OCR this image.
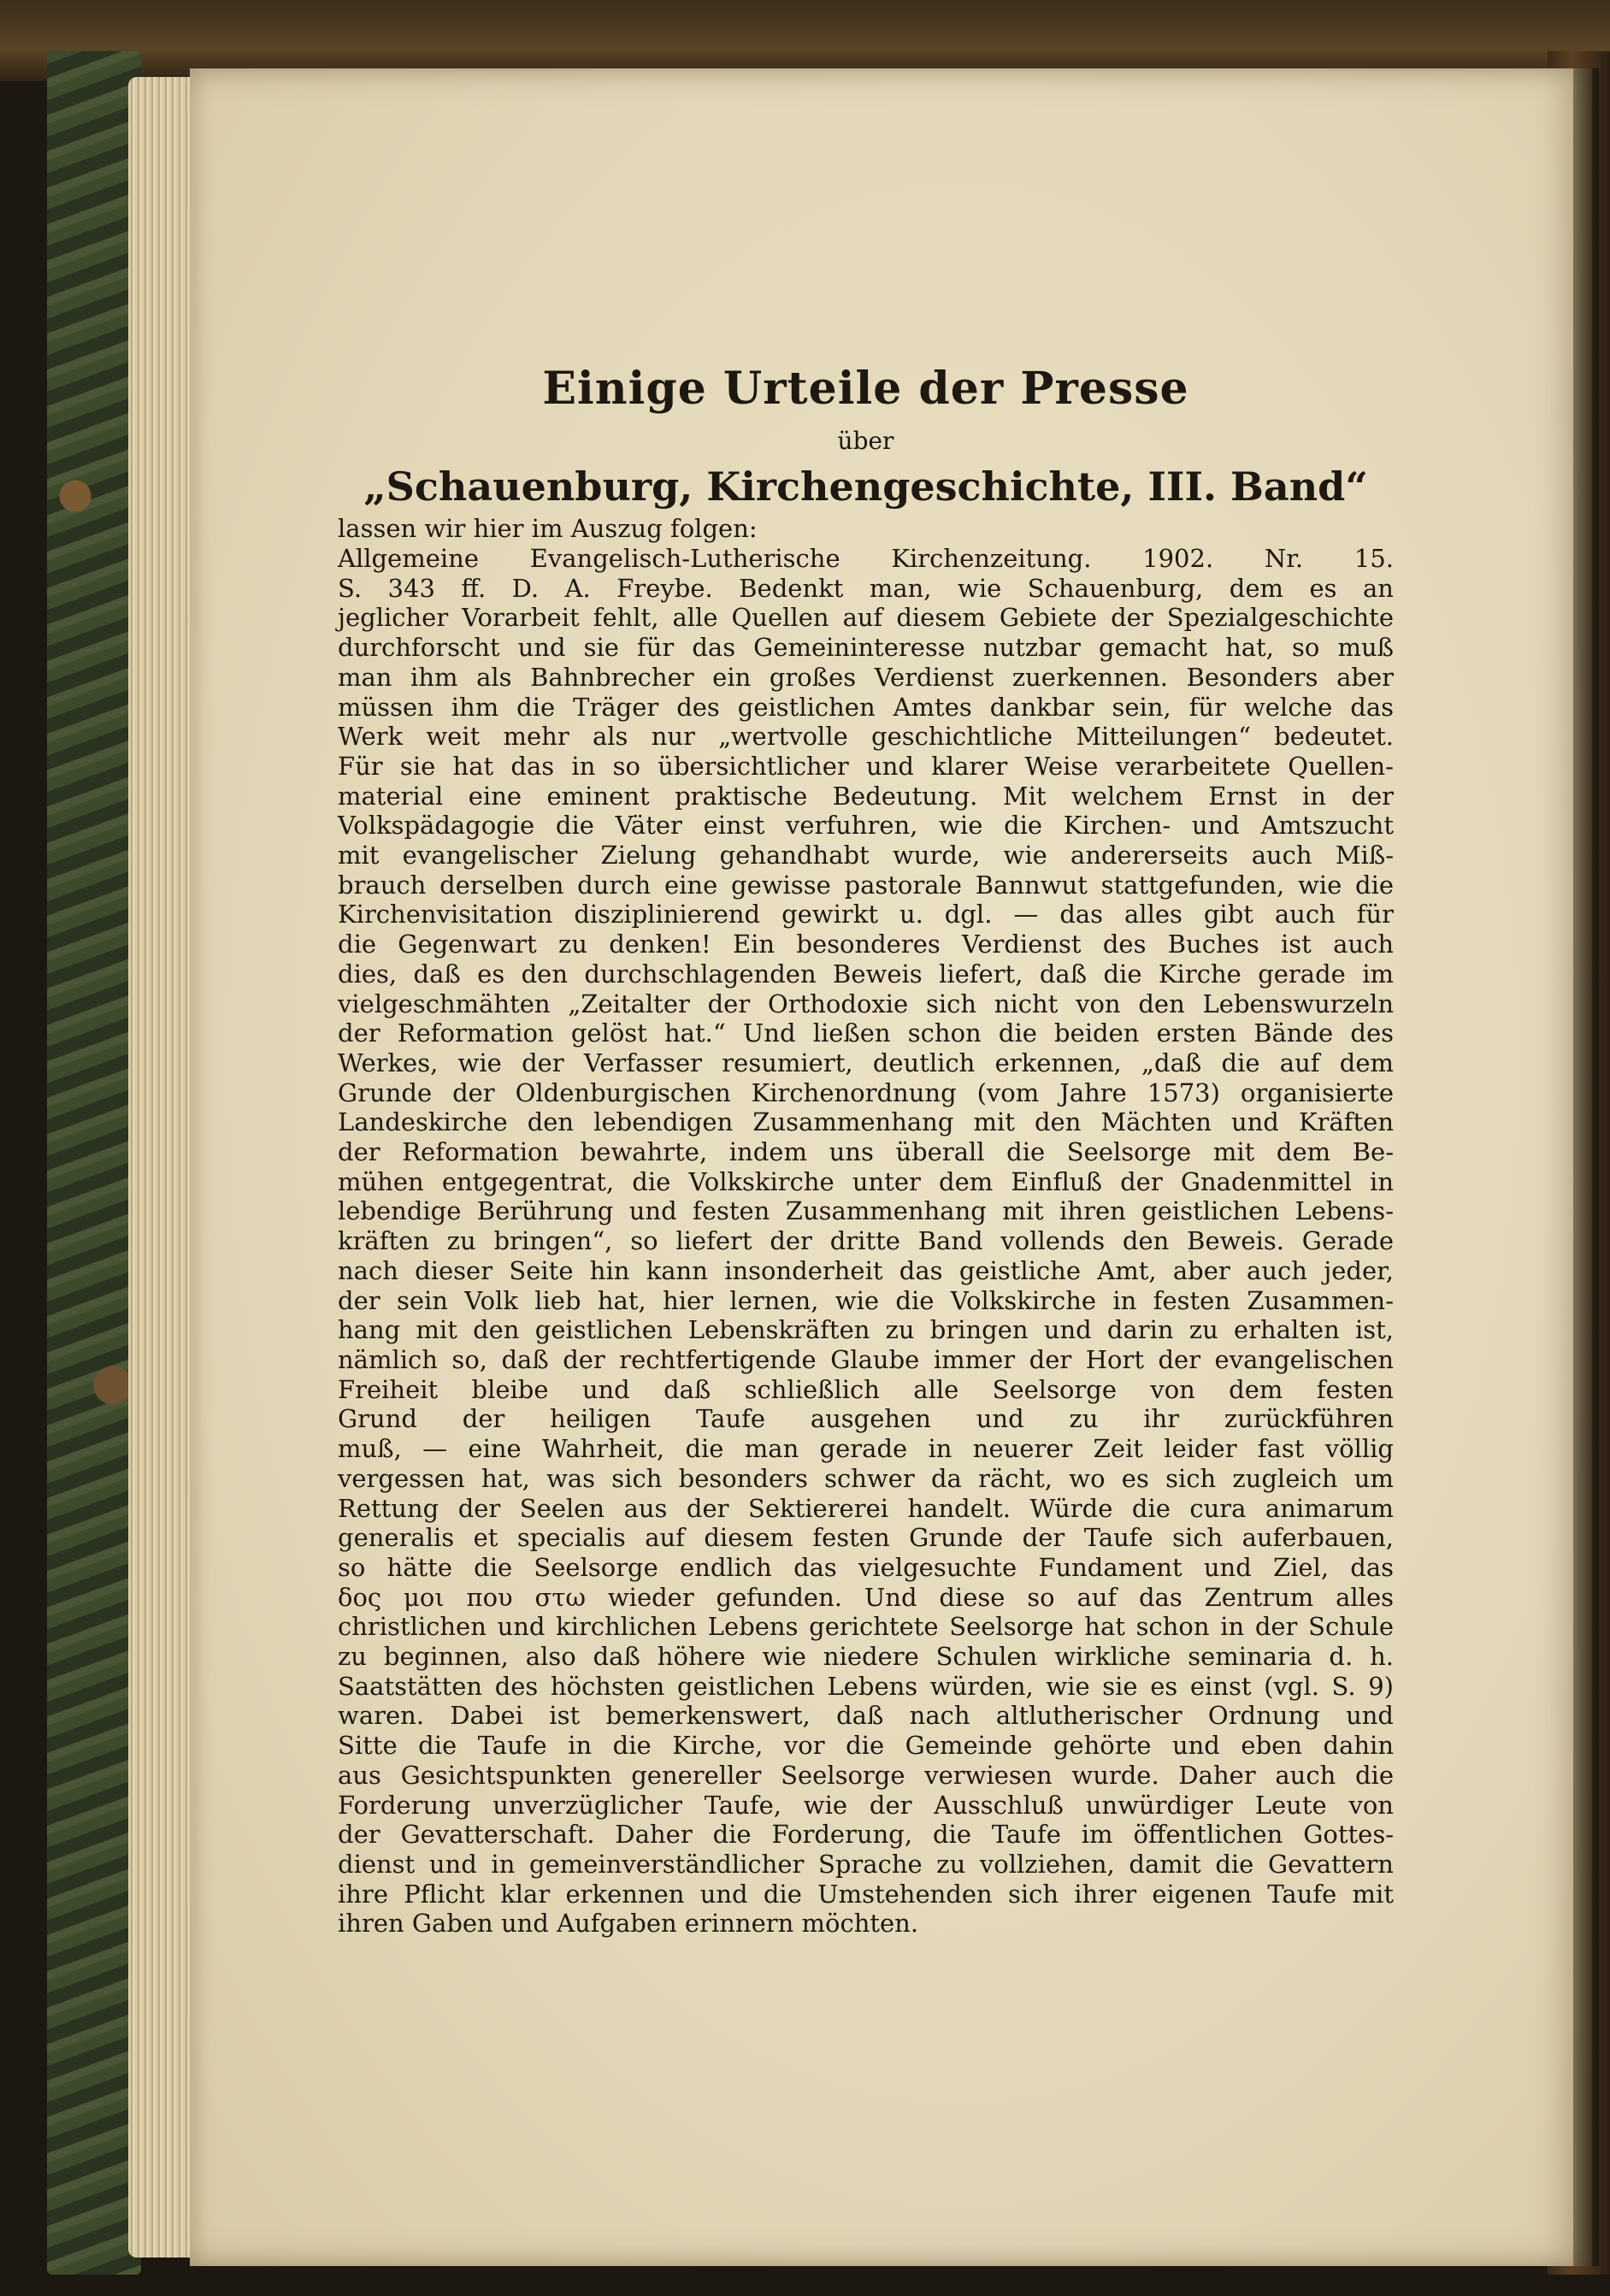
Einige Urteile der Presse
über
„Schauenburg, Kirchengeschichte, III. Band“

lassen wir hier im Auszug folgen:

Allgemeine Evangelisch-Lutherische Kirchenzeitung. 1902. Nr. 15.
S. 343 ff. D. A. Freybe. Bedenkt man, wie Schauenburg, dem es an
jeglicher Vorarbeit fehlt, alle Quellen auf diesem Gebiete der Spezialgeschichte
durchforscht und sie für das Gemeininteresse nutzbar gemacht hat, so muß
man ihm als Bahnbrecher ein großes Verdienst zuerkennen. Besonders aber
müssen ihm die Träger des geistlichen Amtes dankbar sein, für welche das
Werk weit mehr als nur „wertvolle geschichtliche Mitteilungen“ bedeutet.
Für sie hat das in so übersichtlicher und klarer Weise verarbeitete Quellen-
material eine eminent praktische Bedeutung. Mit welchem Ernst in der
Volkspädagogie die Väter einst verfuhren, wie die Kirchen- und Amtszucht
mit evangelischer Zielung gehandhabt wurde, wie andererseits auch Miß-
brauch derselben durch eine gewisse pastorale Bannwut stattgefunden, wie die
Kirchenvisitation disziplinierend gewirkt u. dgl. — das alles gibt auch für
die Gegenwart zu denken! Ein besonderes Verdienst des Buches ist auch
dies, daß es den durchschlagenden Beweis liefert, daß die Kirche gerade im
vielgeschmähten „Zeitalter der Orthodoxie sich nicht von den Lebenswurzeln
der Reformation gelöst hat.“ Und ließen schon die beiden ersten Bände des
Werkes, wie der Verfasser resumiert, deutlich erkennen, „daß die auf dem
Grunde der Oldenburgischen Kirchenordnung (vom Jahre 1573) organisierte
Landeskirche den lebendigen Zusammenhang mit den Mächten und Kräften
der Reformation bewahrte, indem uns überall die Seelsorge mit dem Be-
mühen entgegentrat, die Volkskirche unter dem Einfluß der Gnadenmittel in
lebendige Berührung und festen Zusammenhang mit ihren geistlichen Lebens-
kräften zu bringen“, so liefert der dritte Band vollends den Beweis. Gerade
nach dieser Seite hin kann insonderheit das geistliche Amt, aber auch jeder,
der sein Volk lieb hat, hier lernen, wie die Volkskirche in festen Zusammen-
hang mit den geistlichen Lebenskräften zu bringen und darin zu erhalten ist,
nämlich so, daß der rechtfertigende Glaube immer der Hort der evangelischen
Freiheit bleibe und daß schließlich alle Seelsorge von dem festen
Grund der heiligen Taufe ausgehen und zu ihr zurückführen
muß, — eine Wahrheit, die man gerade in neuerer Zeit leider fast völlig
vergessen hat, was sich besonders schwer da rächt, wo es sich zugleich um
Rettung der Seelen aus der Sektiererei handelt. Würde die cura animarum
generalis et specialis auf diesem festen Grunde der Taufe sich auferbauen,
so hätte die Seelsorge endlich das vielgesuchte Fundament und Ziel, das
δος μοι που στω wieder gefunden. Und diese so auf das Zentrum alles
christlichen und kirchlichen Lebens gerichtete Seelsorge hat schon in der Schule
zu beginnen, also daß höhere wie niedere Schulen wirkliche seminaria d. h.
Saatstätten des höchsten geistlichen Lebens würden, wie sie es einst (vgl. S. 9)
waren. Dabei ist bemerkenswert, daß nach altlutherischer Ordnung und
Sitte die Taufe in die Kirche, vor die Gemeinde gehörte und eben dahin
aus Gesichtspunkten genereller Seelsorge verwiesen wurde. Daher auch die
Forderung unverzüglicher Taufe, wie der Ausschluß unwürdiger Leute von
der Gevatterschaft. Daher die Forderung, die Taufe im öffentlichen Gottes-
dienst und in gemeinverständlicher Sprache zu vollziehen, damit die Gevattern
ihre Pflicht klar erkennen und die Umstehenden sich ihrer eigenen Taufe mit
ihren Gaben und Aufgaben erinnern möchten.
